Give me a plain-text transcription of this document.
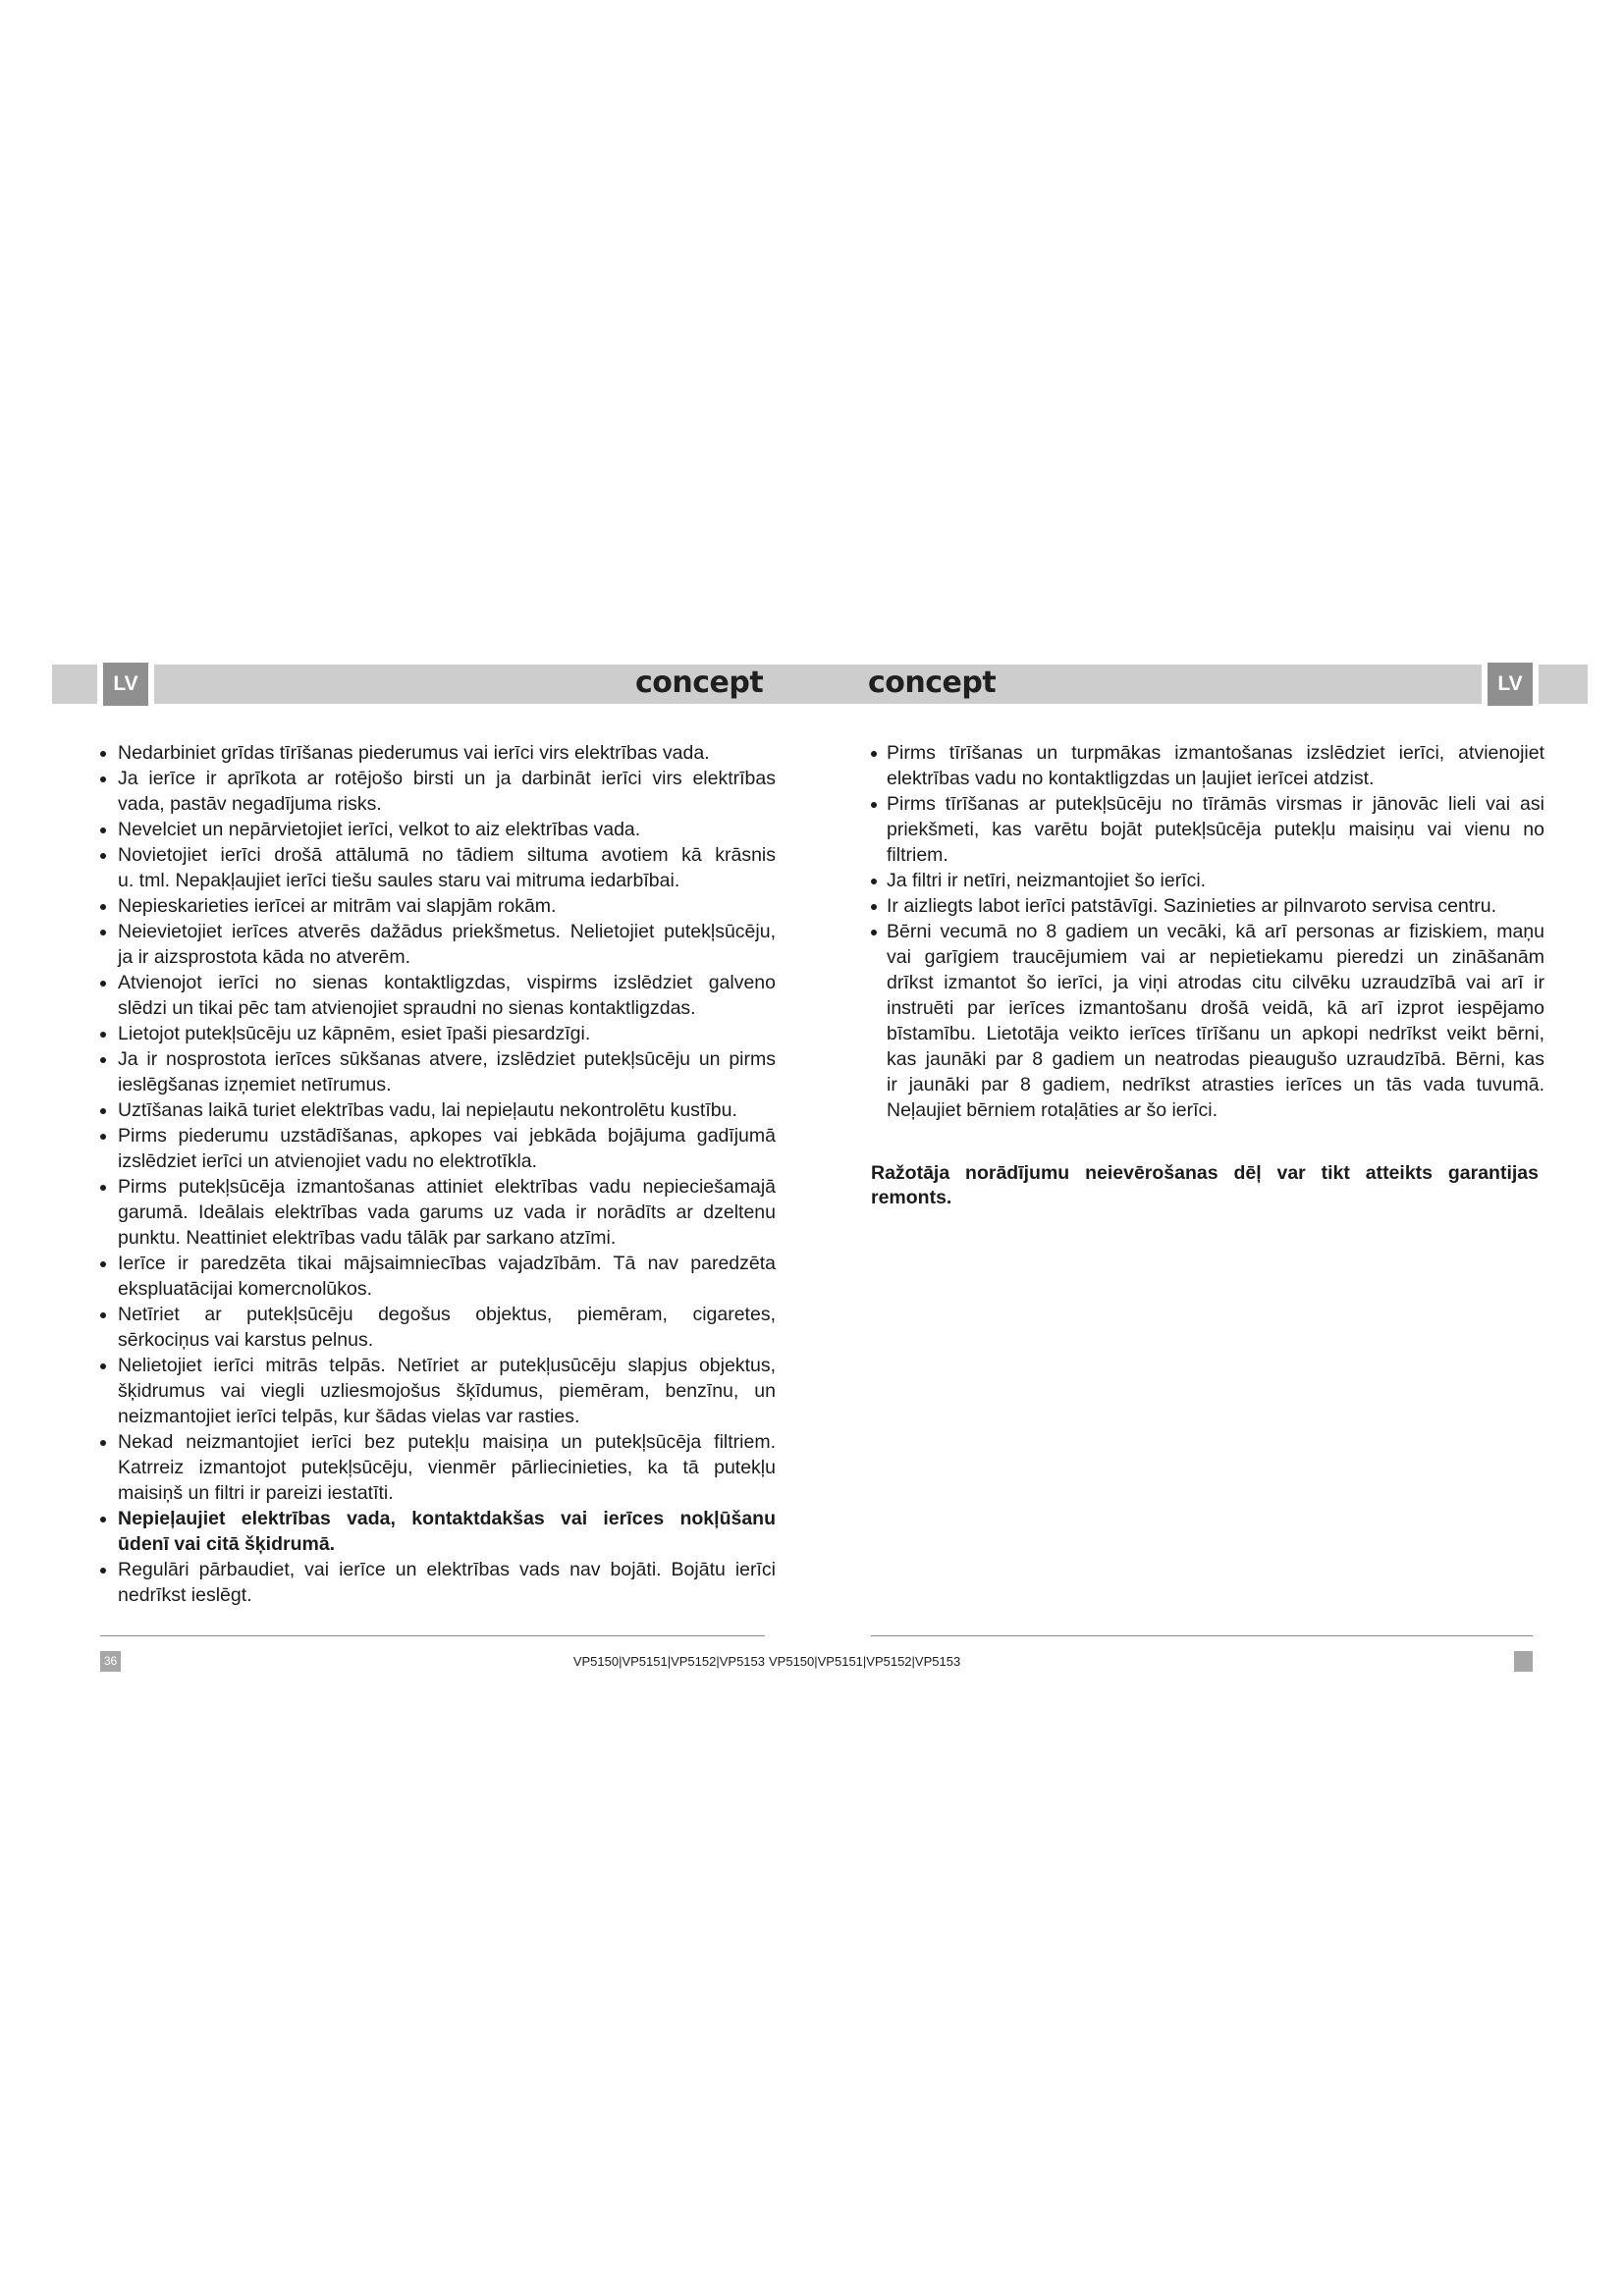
LV	concept	concept	LV
Nedarbiniet grīdas tīrīšanas piederumus vai ierīci virs elektrības vada.
Ja ierīce ir aprīkota ar rotējošo birsti un ja darbināt ierīci virs elektrības
vada, pastāv negadījuma risks.
Nevelciet un nepārvietojiet ierīci, velkot to aiz elektrības vada.
Novietojiet ierīci drošā attālumā no tādiem siltuma avotiem kā krāsnis
u. tml. Nepakļaujiet ierīci tiešu saules staru vai mitruma iedarbībai.
Nepieskarieties ierīcei ar mitrām vai slapjām rokām.
Neievietojiet ierīces atverēs dažādus priekšmetus. Nelietojiet putekļsūcēju,
ja ir aizsprostota kāda no atverēm.
Atvienojot ierīci no sienas kontaktligzdas, vispirms izslēdziet galveno
slēdzi un tikai pēc tam atvienojiet spraudni no sienas kontaktligzdas.
Lietojot putekļsūcēju uz kāpnēm, esiet īpaši piesardzīgi.
Ja ir nosprostota ierīces sūkšanas atvere, izslēdziet putekļsūcēju un pirms
ieslēgšanas izņemiet netīrumus.
Uztīšanas laikā turiet elektrības vadu, lai nepieļautu nekontrolētu kustību.
Pirms piederumu uzstādīšanas, apkopes vai jebkāda bojājuma gadījumā
izslēdziet ierīci un atvienojiet vadu no elektrotīkla.
Pirms putekļsūcēja izmantošanas attiniet elektrības vadu nepieciešamajā
garumā. Ideālais elektrības vada garums uz vada ir norādīts ar dzeltenu
punktu. Neattiniet elektrības vadu tālāk par sarkano atzīmi.
Ierīce ir paredzēta tikai mājsaimniecības vajadzībām. Tā nav paredzēta
ekspluatācijai komercnolūkos.
Netīriet ar putekļsūcēju degošus objektus, piemēram, cigaretes,
sērkociņus vai karstus pelnus.
Nelietojiet ierīci mitrās telpās. Netīriet ar putekļusūcēju slapjus objektus,
šķidrumus vai viegli uzliesmojošus šķīdumus, piemēram, benzīnu, un
neizmantojiet ierīci telpās, kur šādas vielas var rasties.
Nekad neizmantojiet ierīci bez putekļu maisiņa un putekļsūcēja filtriem.
Katrreiz izmantojot putekļsūcēju, vienmēr pārliecinieties, ka tā putekļu
maisiņš un filtri ir pareizi iestatīti.
Nepieļaujiet elektrības vada, kontaktdakšas vai ierīces nokļūšanu
ūdenī vai citā šķidrumā.
Regulāri pārbaudiet, vai ierīce un elektrības vads nav bojāti. Bojātu ierīci
nedrīkst ieslēgt.
Pirms tīrīšanas un turpmākas izmantošanas izslēdziet ierīci, atvienojiet
elektrības vadu no kontaktligzdas un ļaujiet ierīcei atdzist.
Pirms tīrīšanas ar putekļsūcēju no tīrāmās virsmas ir jānovāc lieli vai asi
priekšmeti, kas varētu bojāt putekļsūcēja putekļu maisiņu vai vienu no
filtriem.
Ja filtri ir netīri, neizmantojiet šo ierīci.
Ir aizliegts labot ierīci patstāvīgi. Sazinieties ar pilnvaroto servisa centru.
Bērni vecumā no 8 gadiem un vecāki, kā arī personas ar fiziskiem, maņu
vai garīgiem traucējumiem vai ar nepietiekamu pieredzi un zināšanām
drīkst izmantot šo ierīci, ja viņi atrodas citu cilvēku uzraudzībā vai arī ir
instruēti par ierīces izmantošanu drošā veidā, kā arī izprot iespējamo
bīstamību. Lietotāja veikto ierīces tīrīšanu un apkopi nedrīkst veikt bērni,
kas jaunāki par 8 gadiem un neatrodas pieaugušo uzraudzībā. Bērni, kas
ir jaunāki par 8 gadiem, nedrīkst atrasties ierīces un tās vada tuvumā.
Neļaujiet bērniem rotaļāties ar šo ierīci.
Ražotāja norādījumu neievērošanas dēļ var tikt atteikts garantijas
remonts.
36	VP5150|VP5151|VP5152|VP5153 VP5150|VP5151|VP5152|VP5153
